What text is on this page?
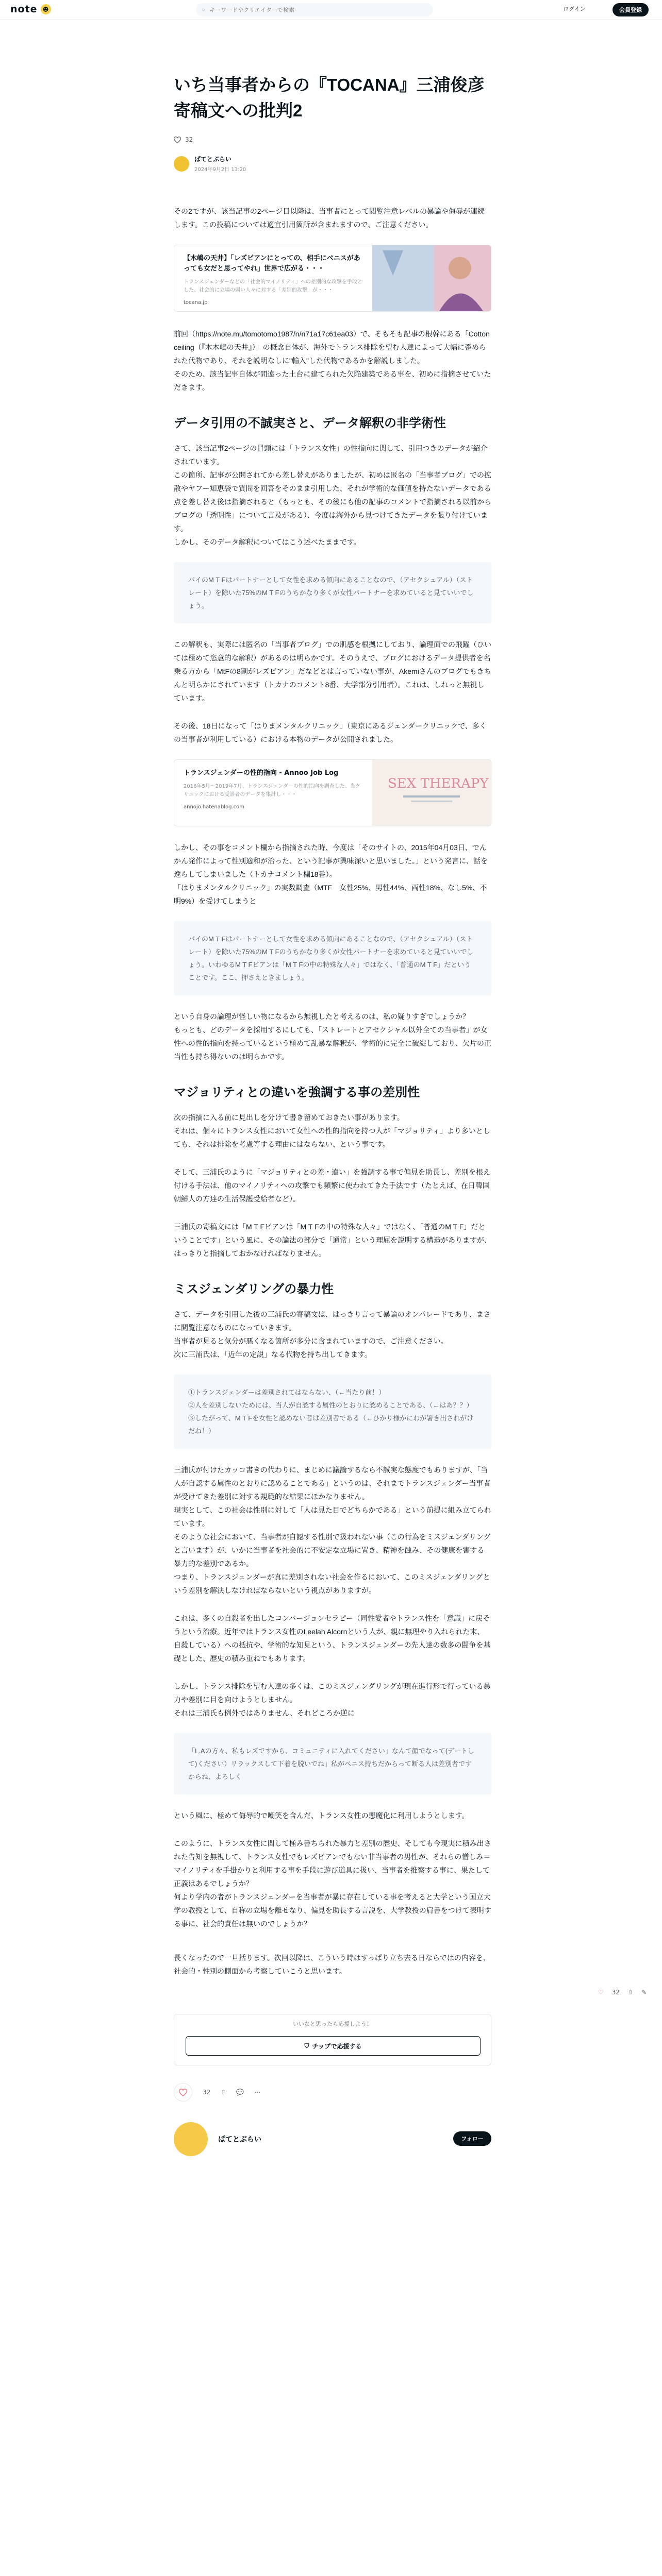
note ☻	⌕
キーワードやクリエイターで検索	ログイン	会員登録
いち当事者からの『TOCANA』三浦俊彦寄稿文への批判2
32
ぱてとぶらい
2024年9月2日 13:20

その2ですが、該当記事の2ページ目以降は、当事者にとって閲覧注意レベルの暴論や侮辱が連続します。この投稿については適宜引用箇所が含まれますので、ご注意ください。

【木嶋の天井】「レズビアンにとっての、相手にペニスがあっても女だと思ってやれ」世界で広がる・・・
トランスジェンダーなどの「社会的マイノリティ」への差別的な攻撃を手段とした、社会的に立場の弱い人々に対する「差別的攻撃」が・・・
tocana.jp

前回（https://note.mu/tomotomo1987/n/n71a17c61ea03）で、そもそも記事の根幹にある「Cotton ceiling（『木木嶋の天井』）」の概念自体が、海外でトランス排除を望む人達によって大幅に歪められた代物であり、それを説明なしに"輸入"した代物であるかを解説しました。

そのため、該当記事自体が間違った土台に建てられた欠陥建築である事を、初めに指摘させていただきます。

データ引用の不誠実さと、データ解釈の非学術性

さて、該当記事2ページの冒頭には「トランス女性」の性指向に関して、引用つきのデータが紹介されています。

この箇所、記事が公開されてから差し替えがありましたが、初めは匿名の「当事者ブログ」での拡散やヤフー知恵袋で質問を回答をそのまま引用した、それが学術的な価値を持たないデータである点を差し替え後は指摘されると（もっとも、その後にも他の記事のコメントで指摘される以前からブログの「透明性」について言及がある）、今度は海外から見つけてきたデータを張り付けています。

しかし、そのデータ解釈についてはこう述べたままです。

パイのM T Fはパートナーとして女性を求める傾向にあることなので、（アセクシュアル）（ストレート）を除いた75%のM T Fのうちかなり多くが女性パートナーを求めていると見ていいでしょう。

この解釈も、実際には匿名の「当事者ブログ」での肌感を根拠にしており、論理面での飛躍（ひいては極めて恣意的な解釈）があるのは明らかです。そのうえで、ブログにおけるデータ提供者を名乗る方から「MtFの8割がレズビアン」だなどとは言っていない事が、Akemiさんのブログでもきちんと明らかにされています（トカナのコメント8番、大学部分引用者）。これは、しれっと無視しています。

その後、18日になって「はりまメンタルクリニック」（東京にあるジェンダークリニックで、多くの当事者が利用している）における本物のデータが公開されました。

トランスジェンダーの性的指向 - Annoo Job Log
2016年5月〜2019年7月、トランスジェンダーの性的指向を調査した、当クリニックにおける受診者のデータを集計し・・・
annojo.hatenablog.com
SEX THERAPY

しかし、その事をコメント欄から指摘された時、今度は「そのサイトの、2015年04月03日、でんかん発作によって性別適和が治った、という記事が興味深いと思いました。」という発言に、話を逸らしてしまいました（トカナコメント欄18番）。

「はりまメンタルクリニック」の実数調査（MTF　女性25%、男性44%、両性18%、なし5%、不明9%）を受けてしまうと

バイのM T Fはパートナーとして女性を求める傾向にあることなので、（アセクシュアル）（ストレート）を除いた75%のM T Fのうちかなり多くが女性パートナーを求めていると見ていいでしょう。いわゆるM T Fビアンは「M T Fの中の特殊な人々」ではなく、「普通のM T F」だということです。ここ、押さえときましょう。

という自身の論理が怪しい物になるから無視したと考えるのは、私の疑りすぎでしょうか？

もっとも、どのデータを採用するにしても、「ストレートとアセクシャル以外全ての当事者」が女性への性的指向を持っているという極めて乱暴な解釈が、学術的に完全に破綻しており、欠片の正当性も持ち得ないのは明らかです。

マジョリティとの違いを強調する事の差別性

次の指摘に入る前に見出しを分けて書き留めておきたい事があります。

それは、個々にトランス女性において女性への性的指向を持つ人が「マジョリティ」より多いとしても、それは排除を考慮等する理由にはならない、という事です。

そして、三浦氏のように「マジョリティとの差・違い」を強調する事で偏見を助長し、差別を根え付ける手法は、他のマイノリティへの攻撃でも頻繁に使われてきた手法です（たとえば、在日韓国朝鮮人の方達の生活保護受給者など）。

三浦氏の寄稿文には「M T Fビアンは「M T Fの中の特殊な人々」ではなく、「普通のM T F」だということです」という風に、その論法の部分で「通常」という理屈を説明する構造がありますが、はっきりと指摘しておかなければなりません。

ミスジェンダリングの暴力性

さて、データを引用した後の三浦氏の寄稿文は、はっきり言って暴論のオンパレードであり、まさに閲覧注意なものになっていきます。

当事者が見ると気分が悪くなる箇所が多分に含まれていますので、ご注意ください。

次に三浦氏は、「近年の定説」なる代物を持ち出してきます。

①トランスジェンダーは差別されてはならない、（←当たり前！）
②人を差別しないためには、当人が自認する属性のとおりに認めることである、（←はあ？？）
③したがって、M T Fを女性と認めない者は差別者である（←ひかり様かにわが署き出されがけだね！）

三浦氏が付けたカッコ書きの代わりに、まじめに議論するなら不誠実な態度でもありますが、「当人が自認する属性のとおりに認めることである」というのは、それまでトランスジェンダー当事者が受けてきた差別に対する規範的な結果にほかなりません。

現実として、この社会は性別に対して「人は見た目でどちらかである」という前提に組み立てられています。

そのような社会において、当事者が自認する性別で扱われない事（この行為をミスジェンダリングと言います）が、いかに当事者を社会的に不安定な立場に置き、精神を蝕み、その健康を害する暴力的な差別であるか。

つまり、トランスジェンダーが真に差別されない社会を作るにおいて、このミスジェンダリングという差別を解決しなければならないという視点がありますが。

これは、多くの自殺者を出したコンバージョンセラピー（同性愛者やトランス性を「意識」に戻そうという治療。近年ではトランス女性のLeelah Alcornという人が、親に無理やり入れられた末、自殺している）への抵抗や、学術的な知見という、トランスジェンダーの先人達の数多の闘争を基礎とした、歴史の積み重ねでもあります。

しかし、トランス排除を望む人達の多くは、このミスジェンダリングが現在進行形で行っている暴力や差別に目を向けようとしません。

それは三浦氏も例外ではありません、それどころか逆に

「L.Aの方々、私もレズですから、コミュニティに入れてください」なんて顔でなって(デートして)ください）リラックスして下着を脱いでね」私がペニス持ちだからって断る人は差別者ですからね、よろしく

という風に、極めて侮辱的で嘲笑を含んだ、トランス女性の悪魔化に利用しようとします。

このように、トランス女性に関して極み書ちられた暴力と差別の歴史、そしても今現実に積み出された告知を無視して、トランス女性でもレズビアンでもない非当事者の男性が、それらの憎しみ＝マイノリティを手掛かりと利用する事を手段に遊び道具に扱い、当事者を推察する事に、果たして正義はあるでしょうか？

何より学内の者がトランスジェンダーを当事者が暴に存在している事を考えると大学という国立大学の教授として、自称の立場を離せなり、偏見を助長する言説を、大学教授の肩書をつけて表明する事に、社会的責任は無いのでしょうか？

長くなったので一旦括ります。次回以降は、こういう時はすっぱり立ち去る日ならではの内容を、社会的・性別の側面から考察していこうと思います。

いいなと思ったら応援しよう！
⛉ チップで応援する
32 ⇧ 💬 ⋯
ぱてとぶらい	フォロー
♡ 32 ⇧ ✎
